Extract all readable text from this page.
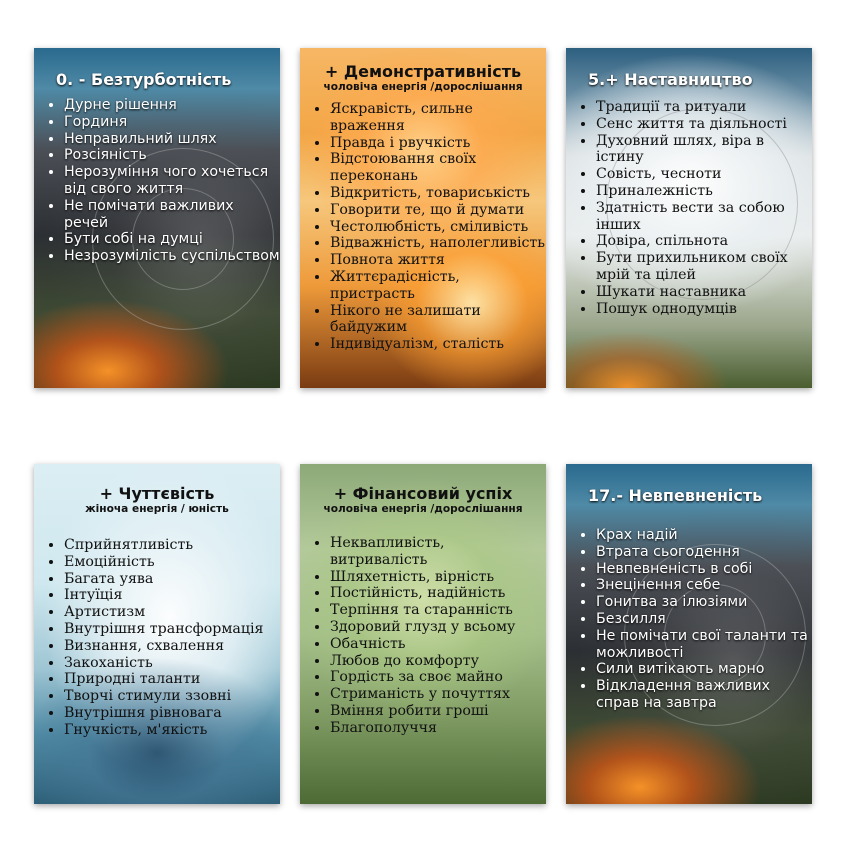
0. - Безтурботність
• Дурне рішення
• Гординя
• Неправильний шлях
• Розсіяність
• Нерозуміння чого хочеться від свого життя
• Не помічати важливих речей
• Бути собі на думці
• Незрозумілість суспільством
+ Демонстративність
чоловіча енергія /дорослішання
• Яскравість, сильне враження
• Правда і рвучкість
• Відстоювання своїх переконань
• Відкритість, товариськість
• Говорити те, що й думати
• Честолюбність, сміливість
• Відважність, наполегливість
• Повнота життя
• Життєрадісність, пристрасть
• Нікого не залишати байдужим
• Індивідуалізм, сталість
5.+ Наставництво
• Традиції та ритуали
• Сенс життя та діяльності
• Духовний шлях, віра в істину
• Совість, чесноти
• Приналежність
• Здатність вести за собою інших
• Довіра, спільнота
• Бути прихильником своїх мрій та цілей
• Шукати наставника
• Пошук однодумців
+ Чуттєвість
жіноча енергія / юність
• Сприйнятливість
• Емоційність
• Багата уява
• Інтуїція
• Артистизм
• Внутрішня трансформація
• Визнання, схвалення
• Закоханість
• Природні таланти
• Творчі стимули ззовні
• Внутрішня рівновага
• Гнучкість, м'якість
+ Фінансовий успіх
чоловіча енергія /дорослішання
• Неквапливість, витривалість
• Шляхетність, вірність
• Постійність, надійність
• Терпіння та старанність
• Здоровий глузд у всьому
• Обачність
• Любов до комфорту
• Гордість за своє майно
• Стриманість у почуттях
• Вміння робити гроші
• Благополуччя
17.- Невпевненість
• Крах надій
• Втрата сьогодення
• Невпевненість в собі
• Знецінення себе
• Гонитва за ілюзіями
• Безсилля
• Не помічати свої таланти та можливості
• Сили витікають марно
• Відкладення важливих справ на завтра
